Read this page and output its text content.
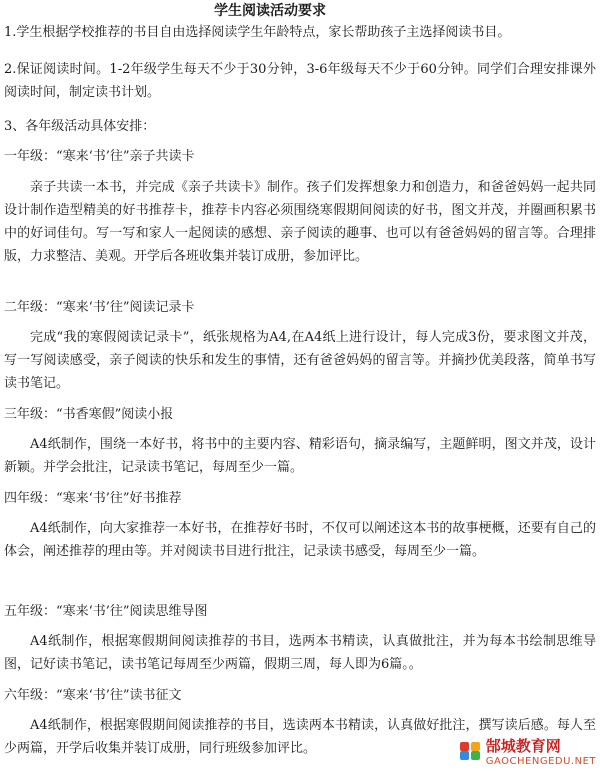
学生阅读活动要求

1.学生根据学校推荐的书目自由选择阅读学生年龄特点，家长帮助孩子主选择阅读书目。

2.保证阅读时间。1-2年级学生每天不少于30分钟，3-6年级每天不少于60分钟。同学们合理安排课外阅读时间，制定读书计划。

3、各年级活动具体安排：

一年级：“寒来‘书’往”亲子共读卡

亲子共读一本书，并完成《亲子共读卡》制作。孩子们发挥想象力和创造力，和爸爸妈妈一起共同设计制作造型精美的好书推荐卡，推荐卡内容必须围绕寒假期间阅读的好书，图文并茂，并圈画积累书中的好词佳句。写一写和家人一起阅读的感想、亲子阅读的趣事、也可以有爸爸妈妈的留言等。合理排版，力求整洁、美观。开学后各班收集并装订成册，参加评比。

二年级：“寒来‘书’往”阅读记录卡

完成“我的寒假阅读记录卡”，纸张规格为A4,在A4纸上进行设计，每人完成3份，要求图文并茂，写一写阅读感受，亲子阅读的快乐和发生的事情，还有爸爸妈妈的留言等。并摘抄优美段落，简单书写读书笔记。

三年级：“书香寒假”阅读小报

A4纸制作，围绕一本好书，将书中的主要内容、精彩语句，摘录编写，主题鲜明，图文并茂，设计新颖。并学会批注，记录读书笔记，每周至少一篇。

四年级：“寒来‘书’往”好书推荐

A4纸制作，向大家推荐一本好书，在推荐好书时，不仅可以阐述这本书的故事梗概，还要有自己的体会，阐述推荐的理由等。并对阅读书目进行批注，记录读书感受，每周至少一篇。

五年级：“寒来‘书’往”阅读思维导图

A4纸制作，根据寒假期间阅读推荐的书目，选两本书精读，认真做批注，并为每本书绘制思维导图，记好读书笔记，读书笔记每周至少两篇，假期三周，每人即为6篇。。

六年级：“寒来‘书’往”读书征文

A4纸制作，根据寒假期间阅读推荐的书目，选读两本书精读，认真做好批注，撰写读后感。每人至少两篇，开学后收集并装订成册，同行班级参加评比。	郜城教育网
GAOCHENGEDU.NET
